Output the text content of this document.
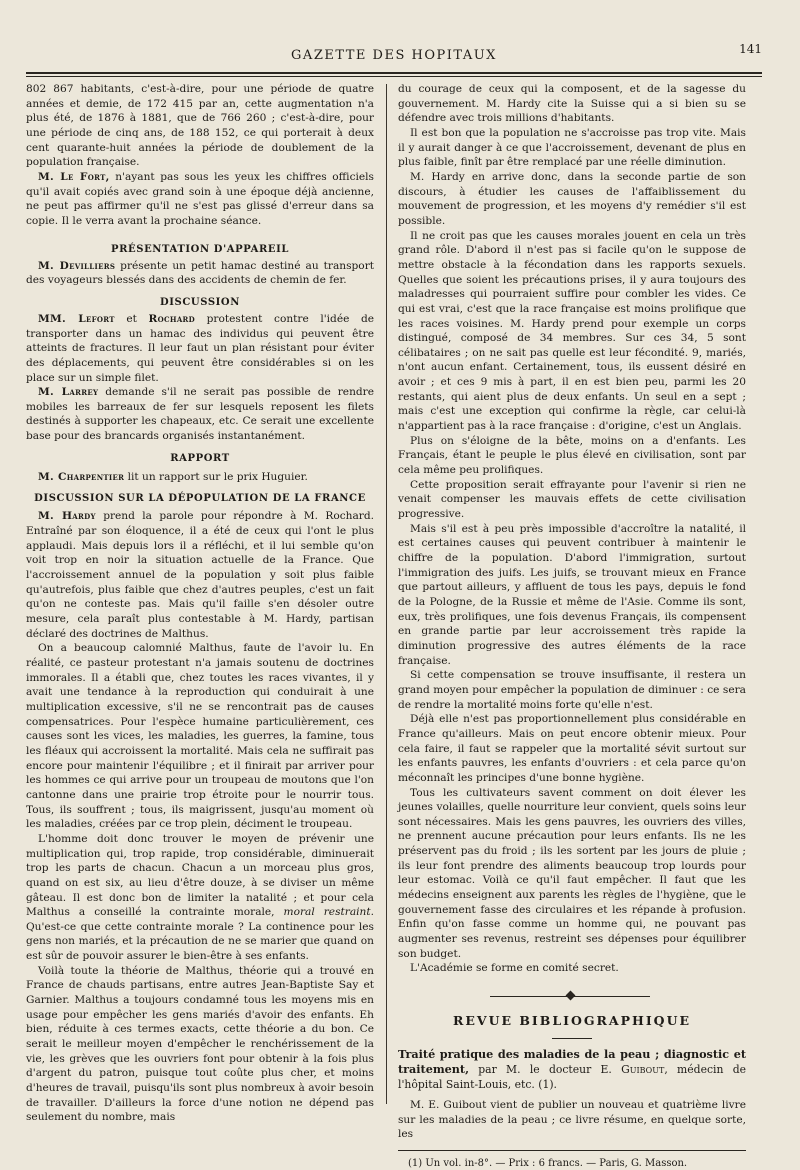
GAZETTE DES HOPITAUX	141

802 867 habitants, c'est-à-dire, pour une période de quatre années et demie, de 172 415 par an, cette augmentation n'a plus été, de 1876 à 1881, que de 766 260 ; c'est-à-dire, pour une période de cinq ans, de 188 152, ce qui porterait à deux cent quarante-huit années la période de doublement de la population française.

M. Le Fort, n'ayant pas sous les yeux les chiffres officiels qu'il avait copiés avec grand soin à une époque déjà ancienne, ne peut pas affirmer qu'il ne s'est pas glissé d'erreur dans sa copie. Il le verra avant la prochaine séance.

PRÉSENTATION D'APPAREIL

M. Devilliers présente un petit hamac destiné au transport des voyageurs blessés dans des accidents de chemin de fer.

DISCUSSION

MM. Lefort et Rochard protestent contre l'idée de transporter dans un hamac des individus qui peuvent être atteints de fractures. Il leur faut un plan résistant pour éviter des déplacements, qui peuvent être considérables si on les place sur un simple filet.

M. Larrey demande s'il ne serait pas possible de rendre mobiles les barreaux de fer sur lesquels reposent les filets destinés à supporter les chapeaux, etc. Ce serait une excellente base pour des brancards organisés instantanément.

RAPPORT

M. Charpentier lit un rapport sur le prix Huguier.

DISCUSSION SUR LA DÉPOPULATION DE LA FRANCE

M. Hardy prend la parole pour répondre à M. Rochard. Entraîné par son éloquence, il a été de ceux qui l'ont le plus applaudi. Mais depuis lors il a réfléchi, et il lui semble qu'on voit trop en noir la situation actuelle de la France. Que l'accroissement annuel de la population y soit plus faible qu'autrefois, plus faible que chez d'autres peuples, c'est un fait qu'on ne conteste pas. Mais qu'il faille s'en désoler outre mesure, cela paraît plus contestable à M. Hardy, partisan déclaré des doctrines de Malthus.

On a beaucoup calomnié Malthus, faute de l'avoir lu. En réalité, ce pasteur protestant n'a jamais soutenu de doctrines immorales. Il a établi que, chez toutes les races vivantes, il y avait une tendance à la reproduction qui conduirait à une multiplication excessive, s'il ne se rencontrait pas de causes compensatrices. Pour l'espèce humaine particulièrement, ces causes sont les vices, les maladies, les guerres, la famine, tous les fléaux qui accroissent la mortalité. Mais cela ne suffirait pas encore pour maintenir l'équilibre ; et il finirait par arriver pour les hommes ce qui arrive pour un troupeau de moutons que l'on cantonne dans une prairie trop étroite pour le nourrir tous. Tous, ils souffrent ; tous, ils maigrissent, jusqu'au moment où les maladies, créées par ce trop plein, déciment le troupeau.

L'homme doit donc trouver le moyen de prévenir une multiplication qui, trop rapide, trop considérable, diminuerait trop les parts de chacun. Chacun a un morceau plus gros, quand on est six, au lieu d'être douze, à se diviser un même gâteau. Il est donc bon de limiter la natalité ; et pour cela Malthus a conseillé la contrainte morale, moral restraint. Qu'est-ce que cette contrainte morale ? La continence pour les gens non mariés, et la précaution de ne se marier que quand on est sûr de pouvoir assurer le bien-être à ses enfants.

Voilà toute la théorie de Malthus, théorie qui a trouvé en France de chauds partisans, entre autres Jean-Baptiste Say et Garnier. Malthus a toujours condamné tous les moyens mis en usage pour empêcher les gens mariés d'avoir des enfants. Eh bien, réduite à ces termes exacts, cette théorie a du bon. Ce serait le meilleur moyen d'empêcher le renchérissement de la vie, les grèves que les ouvriers font pour obtenir à la fois plus d'argent du patron, puisque tout coûte plus cher, et moins d'heures de travail, puisqu'ils sont plus nombreux à avoir besoin de travailler. D'ailleurs la force d'une notion ne dépend pas seulement du nombre, mais

du courage de ceux qui la composent, et de la sagesse du gouvernement. M. Hardy cite la Suisse qui a si bien su se défendre avec trois millions d'habitants.

Il est bon que la population ne s'accroisse pas trop vite. Mais il y aurait danger à ce que l'accroissement, devenant de plus en plus faible, finît par être remplacé par une réelle diminution.

M. Hardy en arrive donc, dans la seconde partie de son discours, à étudier les causes de l'affaiblissement du mouvement de progression, et les moyens d'y remédier s'il est possible.

Il ne croit pas que les causes morales jouent en cela un très grand rôle. D'abord il n'est pas si facile qu'on le suppose de mettre obstacle à la fécondation dans les rapports sexuels. Quelles que soient les précautions prises, il y aura toujours des maladresses qui pourraient suffire pour combler les vides. Ce qui est vrai, c'est que la race française est moins prolifique que les races voisines. M. Hardy prend pour exemple un corps distingué, composé de 34 membres. Sur ces 34, 5 sont célibataires ; on ne sait pas quelle est leur fécondité. 9, mariés, n'ont aucun enfant. Certainement, tous, ils eussent désiré en avoir ; et ces 9 mis à part, il en est bien peu, parmi les 20 restants, qui aient plus de deux enfants. Un seul en a sept ; mais c'est une exception qui confirme la règle, car celui-là n'appartient pas à la race française : d'origine, c'est un Anglais.

Plus on s'éloigne de la bête, moins on a d'enfants. Les Français, étant le peuple le plus élevé en civilisation, sont par cela même peu prolifiques.

Cette proposition serait effrayante pour l'avenir si rien ne venait compenser les mauvais effets de cette civilisation progressive.

Mais s'il est à peu près impossible d'accroître la natalité, il est certaines causes qui peuvent contribuer à maintenir le chiffre de la population. D'abord l'immigration, surtout l'immigration des juifs. Les juifs, se trouvant mieux en France que partout ailleurs, y affluent de tous les pays, depuis le fond de la Pologne, de la Russie et même de l'Asie. Comme ils sont, eux, très prolifiques, une fois devenus Français, ils compensent en grande partie par leur accroissement très rapide la diminution progressive des autres éléments de la race française.

Si cette compensation se trouve insuffisante, il restera un grand moyen pour empêcher la population de diminuer : ce sera de rendre la mortalité moins forte qu'elle n'est.

Déjà elle n'est pas proportionnellement plus considérable en France qu'ailleurs. Mais on peut encore obtenir mieux. Pour cela faire, il faut se rappeler que la mortalité sévit surtout sur les enfants pauvres, les enfants d'ouvriers : et cela parce qu'on méconnaît les principes d'une bonne hygiène.

Tous les cultivateurs savent comment on doit élever les jeunes volailles, quelle nourriture leur convient, quels soins leur sont nécessaires. Mais les gens pauvres, les ouvriers des villes, ne prennent aucune précaution pour leurs enfants. Ils ne les préservent pas du froid ; ils les sortent par les jours de pluie ; ils leur font prendre des aliments beaucoup trop lourds pour leur estomac. Voilà ce qu'il faut empêcher. Il faut que les médecins enseignent aux parents les règles de l'hygiène, que le gouvernement fasse des circulaires et les répande à profusion. Enfin qu'on fasse comme un homme qui, ne pouvant pas augmenter ses revenus, restreint ses dépenses pour équilibrer son budget.

L'Académie se forme en comité secret.

REVUE BIBLIOGRAPHIQUE

Traité pratique des maladies de la peau ; diagnostic et traitement, par M. le docteur E. Guibout, médecin de l'hôpital Saint-Louis, etc. (1).

M. E. Guibout vient de publier un nouveau et quatrième livre sur les maladies de la peau ; ce livre résume, en quelque sorte, les

(1) Un vol. in-8°. — Prix : 6 francs. — Paris, G. Masson.
